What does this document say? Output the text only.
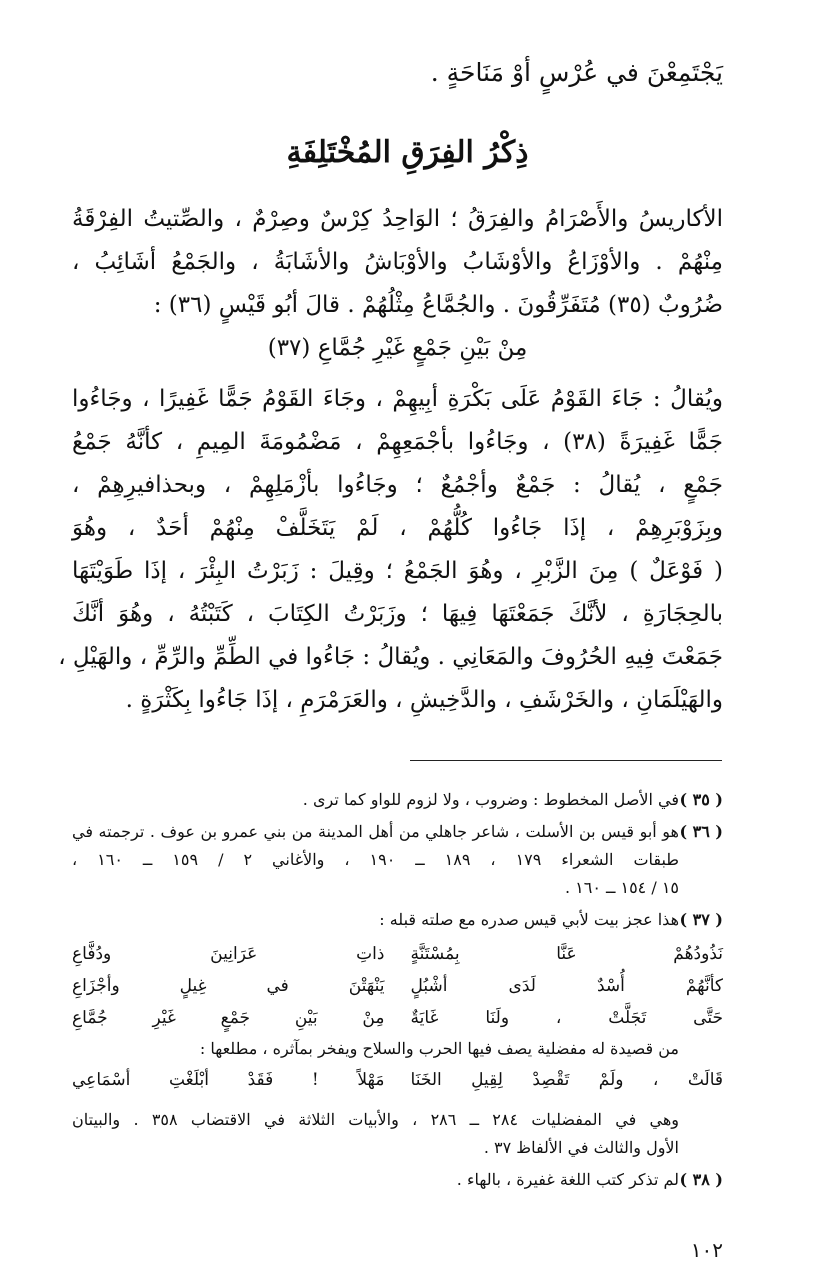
يَجْتَمِعْنَ في عُرْسٍ أوْ مَنَاحَةٍ .

ذِكْرُ الفِرَقِ المُخْتَلِفَةِ
الأكاريسُ والأَصْرَامُ والفِرَقُ ؛ الوَاحِدُ كِرْسٌ وصِرْمٌ ، والصِّتيتُ الفِرْقَةُ
مِنْهُمْ . والأوْزَاعُ والأوْشَابُ والأوْبَاشُ والأشَابَةُ ، والجَمْعُ أشَائِبُ ،
ضُرُوبٌ (٣٥) مُتَفَرِّقُونَ . والجُمَّاعُ مِثْلُهُمْ . قالَ أبُو قَيْسٍ (٣٦) :
مِنْ بَيْنِ جَمْعٍ غَيْرِ جُمَّاعِ (٣٧)
ويُقالُ : جَاءَ القَوْمُ عَلَى بَكْرَةِ أبِيهِمْ ، وجَاءَ القَوْمُ جَمًّا غَفِيرًا ، وجَاءُوا
جَمًّا غَفِيرَةً (٣٨) ، وجَاءُوا بأجْمَعِهِمْ ، مَضْمُومَةَ المِيمِ ، كأنَّهُ جَمْعُ
جَمْعٍ ، يُقالُ : جَمْعٌ وأجْمُعٌ ؛ وجَاءُوا بأزْمَلِهِمْ ، وبحذافيرِهِمْ ،
وبِزَوْبَرِهِمْ ، إذَا جَاءُوا كُلُّهُمْ ، لَمْ يَتَخَلَّفْ مِنْهُمْ أحَدٌ ، وهُوَ
( فَوْعَلٌ ) مِنَ الزَّبْرِ ، وهُوَ الجَمْعُ ؛ وقِيلَ : زَبَرْتُ البِئْرَ ، إذَا طَوَيْتَهَا
بالحِجَارَةِ ، لأنَّكَ جَمَعْتَهَا فِيهَا ؛ وزَبَرْتُ الكِتَابَ ، كَتَبْتُهُ ، وهُوَ أنَّكَ
جَمَعْتَ فِيهِ الحُرُوفَ والمَعَانِي . ويُقالُ : جَاءُوا في الطِّمِّ والرِّمِّ ، والهَيْلِ ،
والهَيْلَمَانِ ، والخَرْشَفِ ، والدَّخِيشِ ، والعَرَمْرَمِ ، إذَا جَاءُوا بِكَثْرَةٍ .
( ٣٥ )
في الأصل المخطوط : وضروب ، ولا لزوم للواو كما ترى .
( ٣٦ )
هو أبو قيس بن الأسلت ، شاعر جاهلي من أهل المدينة من بني عمرو بن عوف . ترجمته في
طبقات الشعراء ١٧٩ ، ١٨٩ ــ ١٩٠ ، والأغاني ٢ / ١٥٩ ــ ١٦٠ ،
١٥ / ١٥٤ ــ ١٦٠ .
( ٣٧ )
هذا عجز بيت لأبي قيس صدره مع صلته قبله :
نَذُودُهُمْ عَنَّا بِمُسْتَنَّةٍ
ذاتِ عَرَانِينَ ودُفَّاعِ
كأنَّهُمْ أُسْدٌ لَدَى أشْبُلٍ
يَنْهَتْنَ في غِيلٍ وأجْزَاعِ
حَتَّى تَجَلَّتْ ، ولَنَا غَايَةٌ
مِنْ بَيْنِ جَمْعٍ غَيْرِ جُمَّاعِ
من قصيدة له مفضلية يصف فيها الحرب والسلاح ويفخر بمآثره ، مطلعها :
قَالَتْ ، ولَمْ تَقْصِدْ لِقِيلِ الخَنَا
مَهْلاً ! فَقَدْ أبْلَغْتِ أسْمَاعِي
وهي في المفضليات ٢٨٤ ــ ٢٨٦ ، والأبيات الثلاثة في الاقتضاب ٣٥٨ . والبيتان
الأول والثالث في الألفاظ ٣٧ .
( ٣٨ )
لم تذكر كتب اللغة غفيرة ، بالهاء .
١٠٢
